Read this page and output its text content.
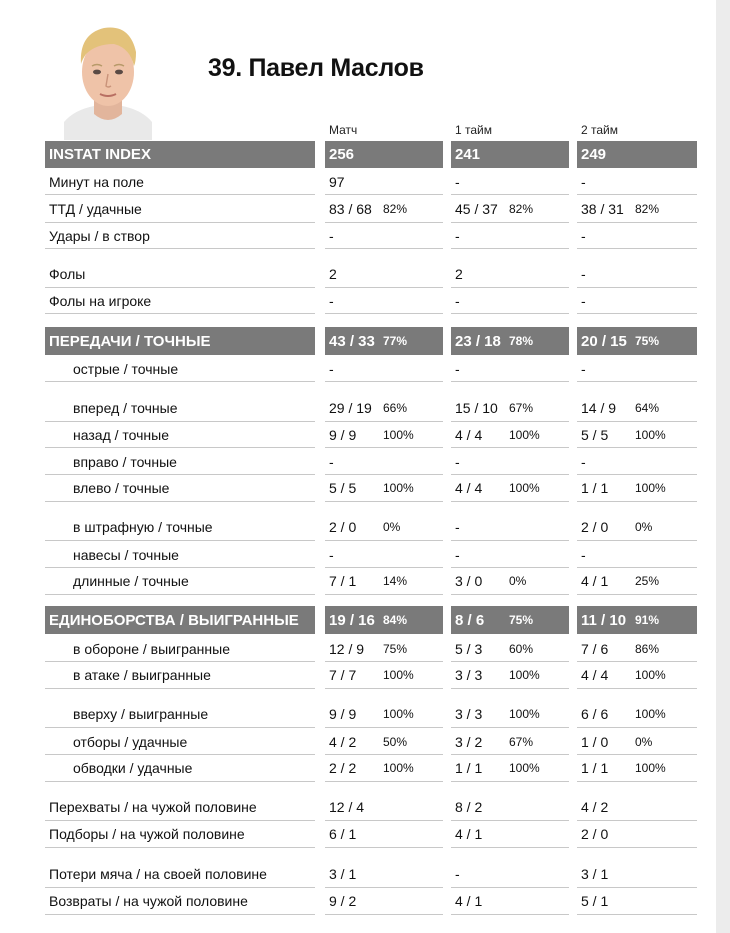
39. Павел Маслов
Матч	1 тайм	2 тайм
INSTAT INDEX	256	241	249
Минут на поле	97	-	-
ТТД / удачные	83 / 68 82%	45 / 37 82%	38 / 31 82%
Удары / в створ	-	-	-
Фолы	2	2	-
Фолы на игроке	-	-	-
ПЕРЕДАЧИ / ТОЧНЫЕ	43 / 33 77%	23 / 18 78%	20 / 15 75%
острые / точные	-	-	-
вперед / точные	29 / 19 66%	15 / 10 67%	14 / 9	64%
назад / точные	9 / 9	100%	4 / 4	100%	5 / 5	100%
вправо / точные	-	-	-
влево / точные	5 / 5	100%	4 / 4	100%	1 / 1	100%
в штрафную / точные	2 / 0	0%	-	2 / 0	0%
навесы / точные	-	-	-
длинные / точные	7 / 1	14%	3 / 0	0%	4 / 1	25%
ЕДИНОБОРСТВА / ВЫИГРАННЫЕ	19 / 16 84%	8 / 6	75%	11 / 10 91%
в обороне / выигранные	12 / 9	75%	5 / 3	60%	7 / 6	86%
в атаке / выигранные	7 / 7	100%	3 / 3	100%	4 / 4	100%
вверху / выигранные	9 / 9	100%	3 / 3	100%	6 / 6	100%
отборы / удачные	4 / 2	50%	3 / 2	67%	1 / 0	0%
обводки / удачные	2 / 2	100%	1 / 1	100%	1 / 1	100%
Перехваты / на чужой половине	12 / 4	8 / 2	4 / 2
Подборы / на чужой половине	6 / 1	4 / 1	2 / 0
Потери мяча / на своей половине	3 / 1	-	3 / 1
Возвраты / на чужой половине	9 / 2	4 / 1	5 / 1
